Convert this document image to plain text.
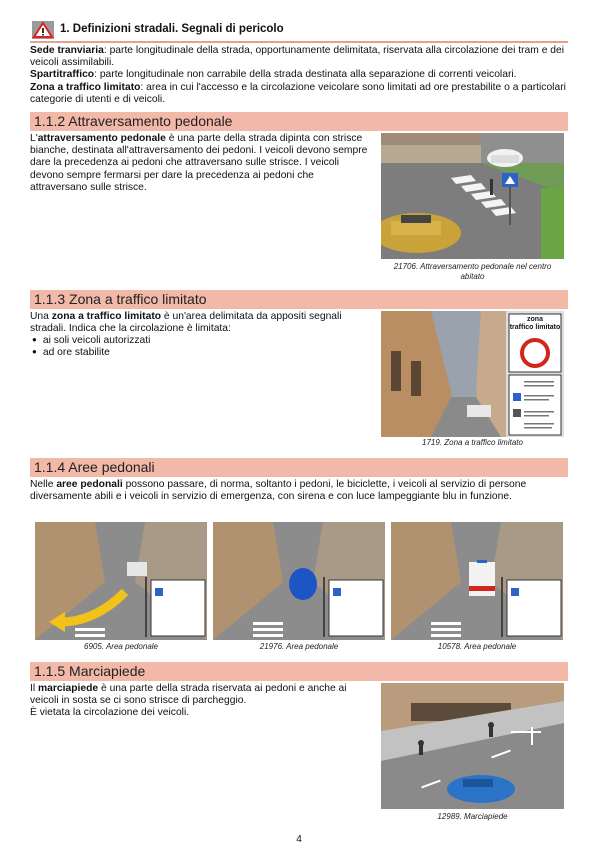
1. Definizioni stradali. Segnali di pericolo
Sede tranviaria: parte longitudinale della strada, opportunamente delimitata, riservata alla circolazione dei tram e dei veicoli assimilabili.
Spartitraffico: parte longitudinale non carrabile della strada destinata alla separazione di correnti veicolari.
Zona a traffico limitato: area in cui l'accesso e la circolazione veicolare sono limitati ad ore prestabilite o a particolari categorie di utenti e di veicoli.
1.1.2 Attraversamento pedonale
L'attraversamento pedonale è una parte della strada dipinta con strisce bianche, destinata all'attraversamento dei pedoni. I veicoli devono sempre dare la precedenza ai pedoni che attraversano sulle strisce. I veicoli devono sempre fermarsi per dare la precedenza ai pedoni che attraversano sulle strisce.
21706. Attraversamento pedonale nel centro abitato
1.1.3 Zona a traffico limitato
Una zona a traffico limitato è un'area delimitata da appositi segnali stradali. Indica che la circolazione è limitata:
● ai soli veicoli autorizzati
● ad ore stabilite
zona
traffico limitato
1719. Zona a traffico limitato
1.1.4 Aree pedonali
Nelle aree pedonali possono passare, di norma, soltanto i pedoni, le biciclette, i veicoli al servizio di persone diversamente abili e i veicoli in servizio di emergenza, con sirena e con luce lampeggiante blu in funzione.
6905. Area pedonale	21976. Area pedonale	10578. Area pedonale
1.1.5 Marciapiede
Il marciapiede è una parte della strada riservata ai pedoni e anche ai veicoli in sosta se ci sono strisce di parcheggio.
È vietata la circolazione dei veicoli.
12989. Marciapiede
4
